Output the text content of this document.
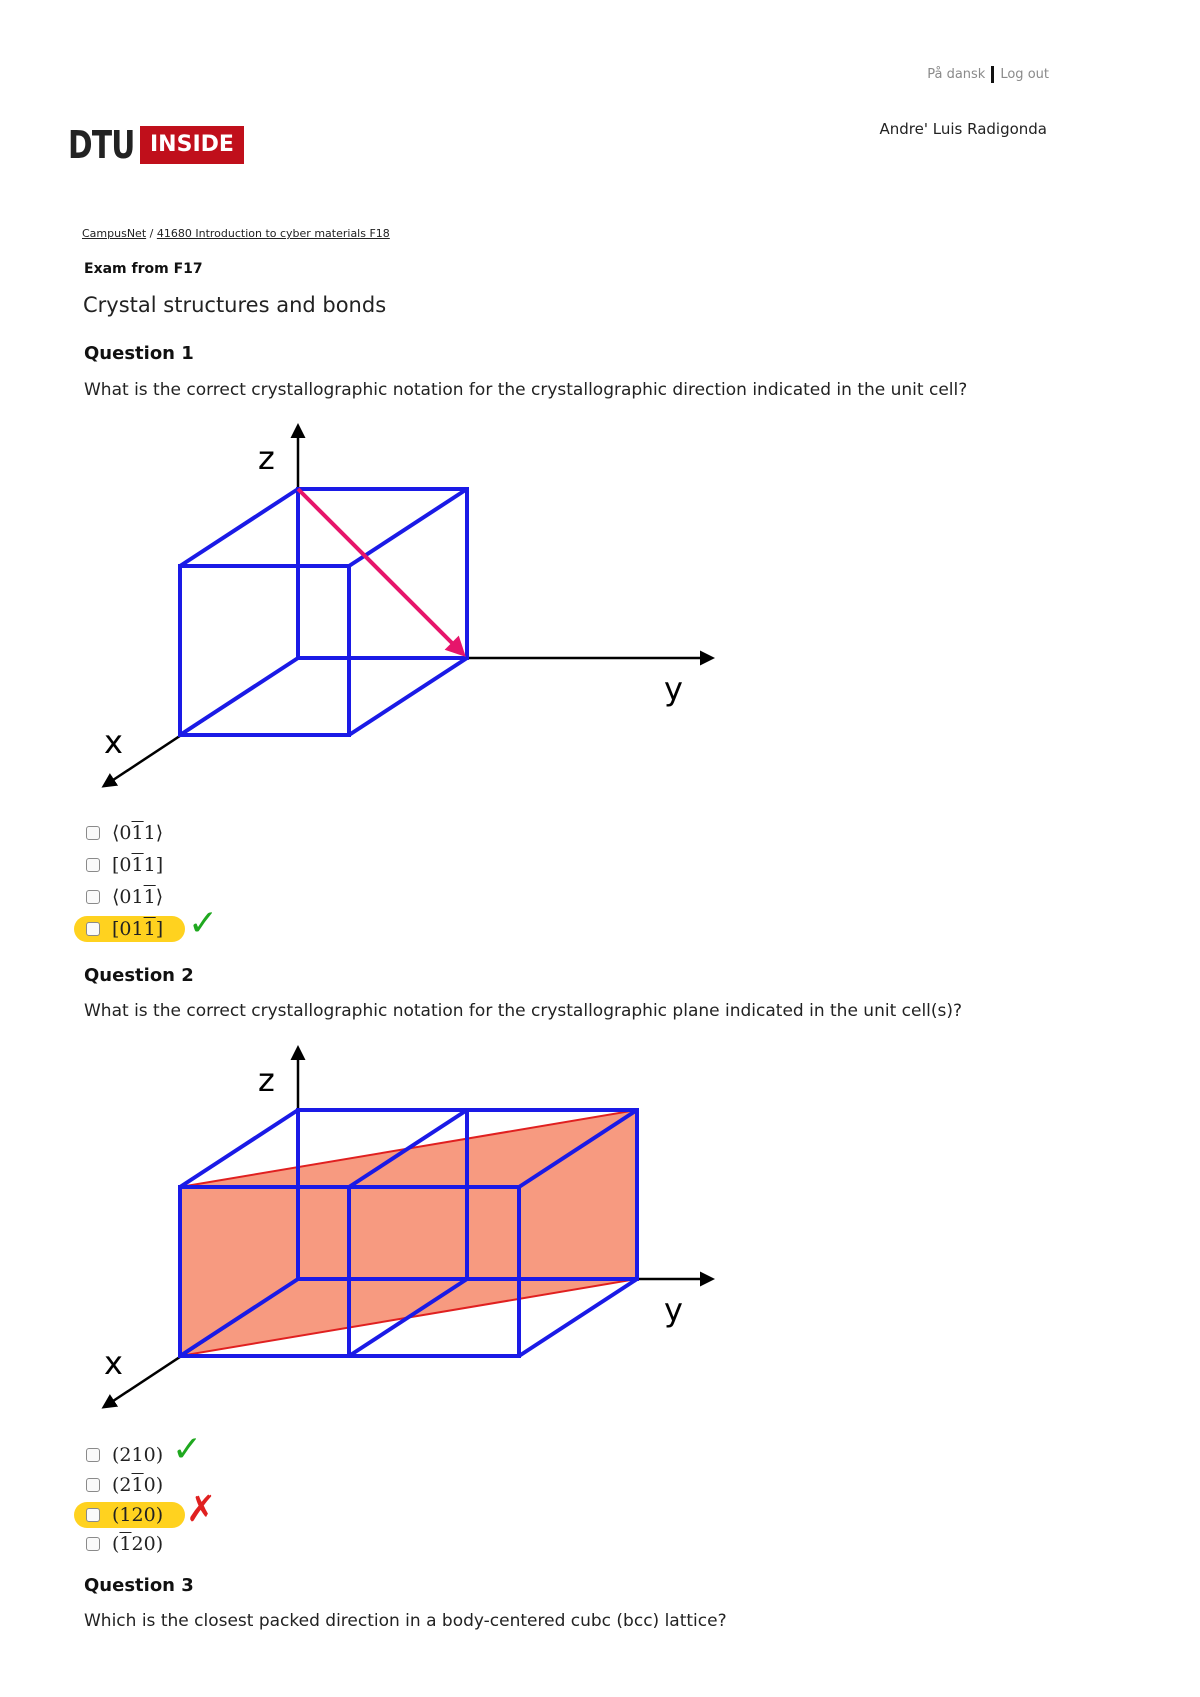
På dansk Log out
Andre' Luis Radigonda
DTU INSIDE
CampusNet / 41680 Introduction to cyber materials F18
Exam from F17
Crystal structures and bonds
Question 1
What is the correct crystallographic notation for the crystallographic direction indicated in the unit cell?
z
y
x
⟨011⟩
[011]
⟨011⟩
[011] ✓
Question 2
What is the correct crystallographic notation for the crystallographic plane indicated in the unit cell(s)?
z
y
x
(210) ✓
(210)
(120) ✗
(120)
Question 3
Which is the closest packed direction in a body-centered cubc (bcc) lattice?
